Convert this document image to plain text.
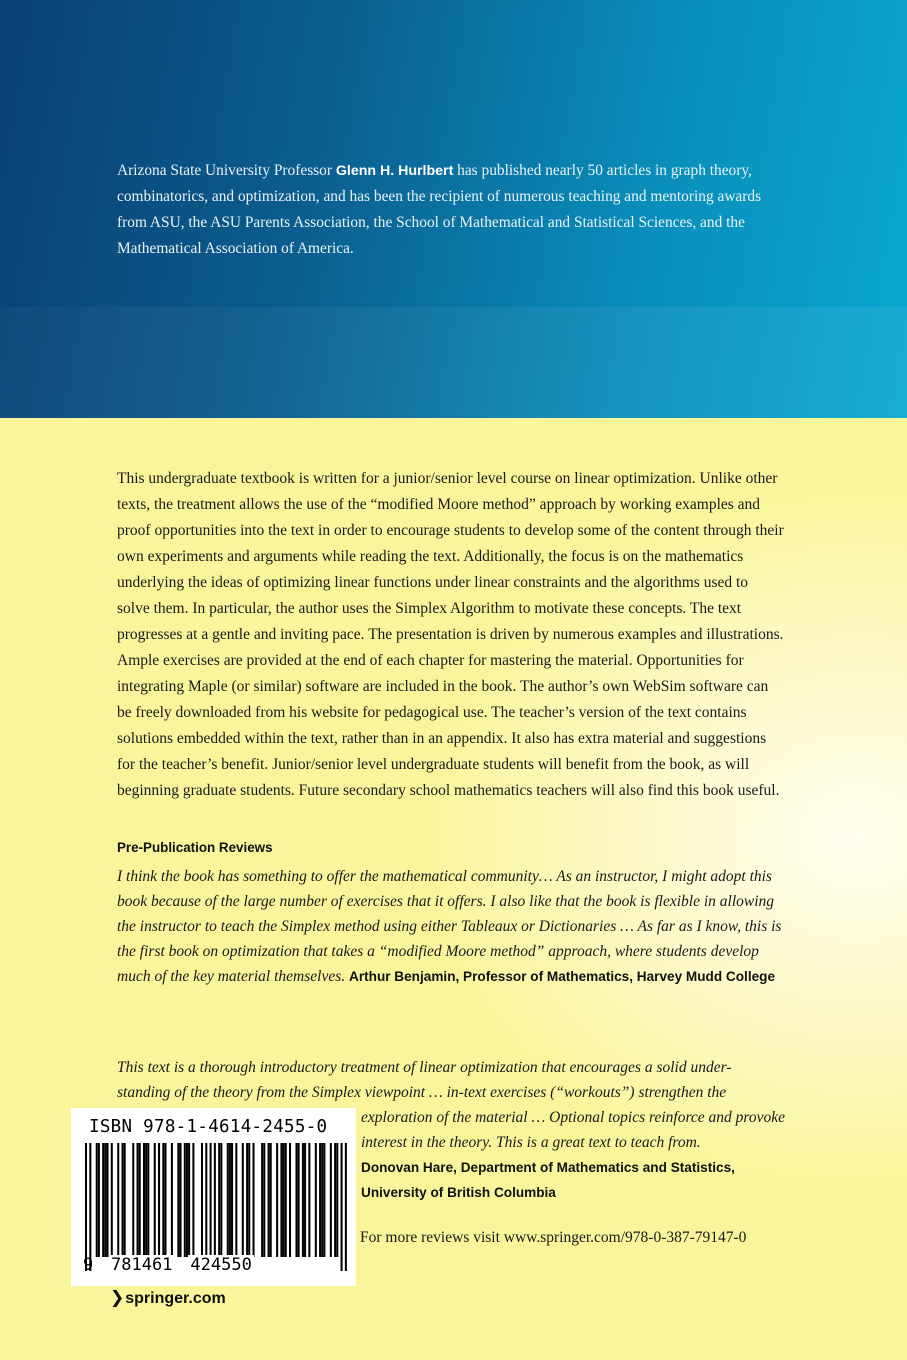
Arizona State University Professor Glenn H. Hurlbert has published nearly 50 articles in graph theory, combinatorics, and optimization, and has been the recipient of numerous teaching and mentoring awards from ASU, the ASU Parents Association, the School of Mathematical and Statistical Sciences, and the Mathematical Association of America.

This undergraduate textbook is written for a junior/senior level course on linear optimization. Unlike other texts, the treatment allows the use of the “modified Moore method” approach by working examples and proof opportunities into the text in order to encourage students to develop some of the content through their own experiments and arguments while reading the text. Additionally, the focus is on the mathematics underlying the ideas of optimizing linear functions under linear constraints and the algorithms used to solve them. In particular, the author uses the Simplex Algorithm to motivate these concepts. The text progresses at a gentle and inviting pace. The presentation is driven by numerous examples and illustrations. Ample exercises are provided at the end of each chapter for mastering the material. Opportunities for integrating Maple (or similar) software are included in the book. The author’s own WebSim software can be freely downloaded from his website for pedagogical use. The teacher’s version of the text contains solutions embedded within the text, rather than in an appendix. It also has extra material and suggestions for the teacher’s benefit. Junior/senior level undergraduate students will benefit from the book, as will beginning graduate students. Future secondary school mathematics teachers will also find this book useful.

Pre-Publication Reviews

I think the book has something to offer the mathematical community… As an instructor, I might adopt this book because of the large number of exercises that it offers. I also like that the book is flexible in allowing the instructor to teach the Simplex method using either Tableaux or Dictionaries … As far as I know, this is the first book on optimization that takes a “modified Moore method” approach, where students develop much of the key material themselves. Arthur Benjamin, Professor of Mathematics, Harvey Mudd College

This text is a thorough introductory treatment of linear optimization that encourages a solid under-standing of the theory from the Simplex viewpoint … in-text exercises (“workouts”) strengthen the

exploration of the material … Optional topics reinforce and provoke interest in the theory. This is a great text to teach from.
Donovan Hare, Department of Mathematics and Statistics, University of British Columbia

For more reviews visit www.springer.com/978-0-387-79147-0

ISBN 978-1-4614-2455-0

9 781461 424550

❯springer.com
